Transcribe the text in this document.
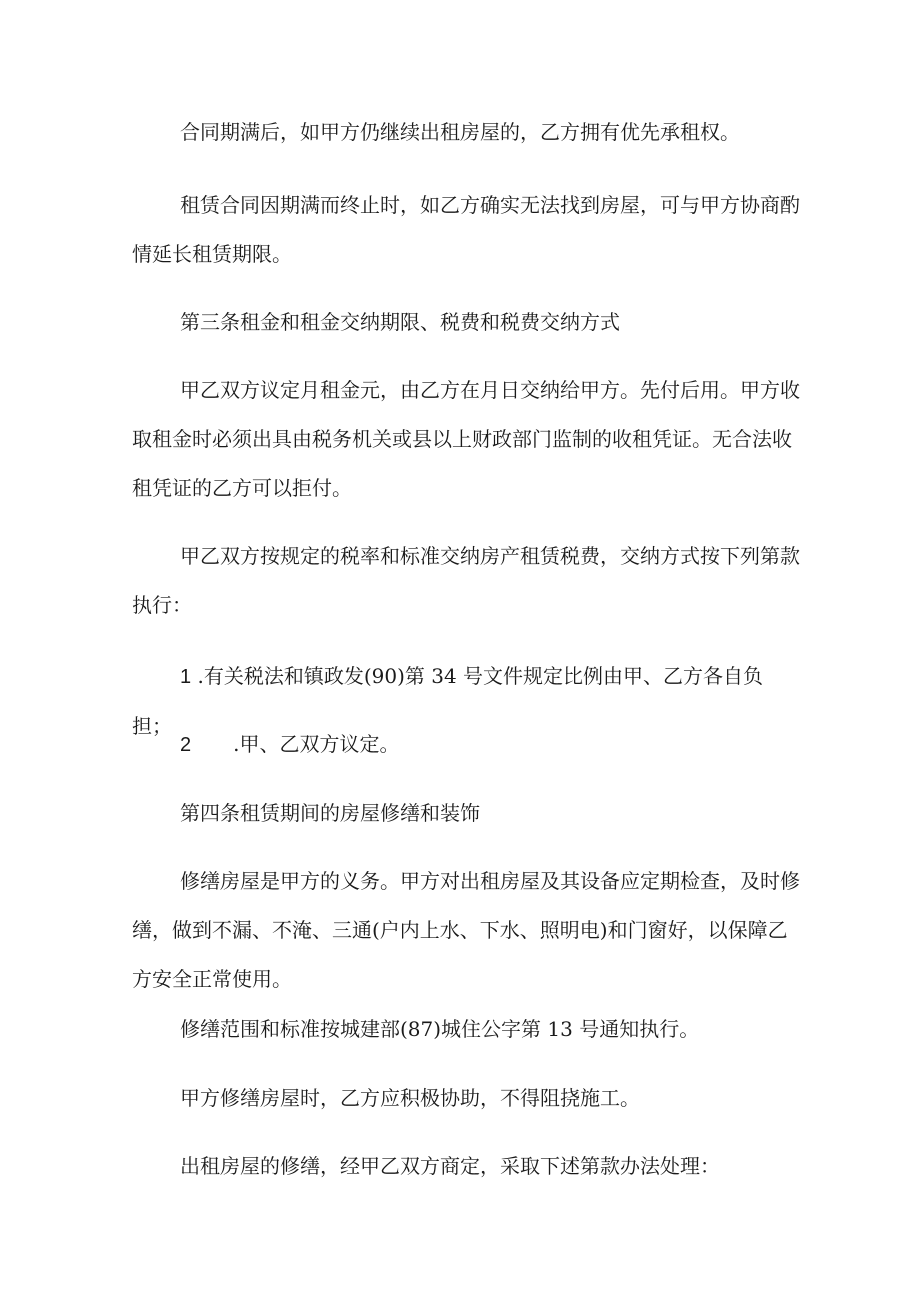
合同期满后，如甲方仍继续出租房屋的，乙方拥有优先承租权。

租赁合同因期满而终止时，如乙方确实无法找到房屋，可与甲方协商酌情延长租赁期限。

第三条租金和租金交纳期限、税费和税费交纳方式

甲乙双方议定月租金元，由乙方在月日交纳给甲方。先付后用。甲方收取租金时必须出具由税务机关或县以上财政部门监制的收租凭证。无合法收租凭证的乙方可以拒付。

甲乙双方按规定的税率和标准交纳房产租赁税费，交纳方式按下列第款执行：

1 .有关税法和镇政发(90)第 34 号文件规定比例由甲、乙方各自负担；

2 .甲、乙双方议定。

第四条租赁期间的房屋修缮和装饰

修缮房屋是甲方的义务。甲方对出租房屋及其设备应定期检查，及时修缮，做到不漏、不淹、三通(户内上水、下水、照明电)和门窗好，以保障乙方安全正常使用。

修缮范围和标准按城建部(87)城住公字第 13 号通知执行。

甲方修缮房屋时，乙方应积极协助，不得阻挠施工。

出租房屋的修缮，经甲乙双方商定，采取下述第款办法处理：
